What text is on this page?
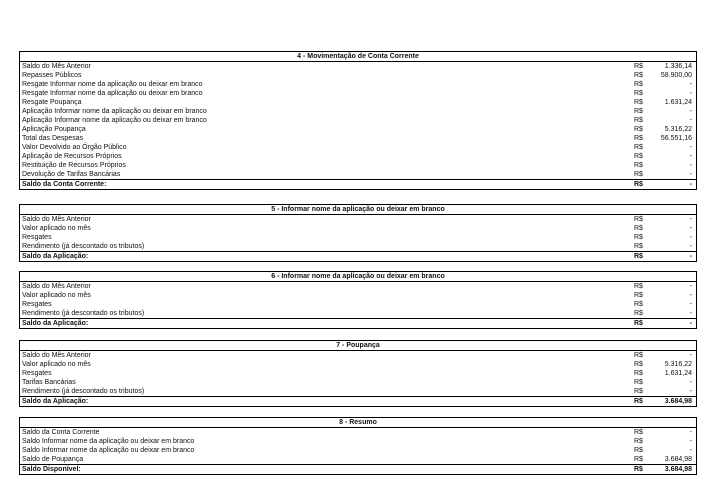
4 - Movimentação de Conta Corrente
Saldo do Mês Anterior	R$	1.336,14
Repasses Públicos	R$	58.900,00
Resgate Informar nome da aplicação ou deixar em branco	R$	-
Resgate Informar nome da aplicação ou deixar em branco	R$	-
Resgate Poupança	R$	1.631,24
Aplicação Informar nome da aplicação ou deixar em branco	R$	-
Aplicação Informar nome da aplicação ou deixar em branco	R$	-
Aplicação Poupança	R$	5.316,22
Total das Despesas	R$	56.551,16
Valor Devolvido ao Órgão Público	R$	-
Aplicação de Recursos Próprios	R$	-
Restituição de Recursos Próprios	R$	-
Devolução de Tarifas Bancárias	R$	-
Saldo da Conta Corrente:	R$	-
5 - Informar nome da aplicação ou deixar em branco
Saldo do Mês Anterior	R$	-
Valor aplicado no mês	R$	-
Resgates	R$	-
Rendimento (já descontado os tributos)	R$	-
Saldo da Aplicação:	R$	-
6 - Informar nome da aplicação ou deixar em branco
Saldo do Mês Anterior	R$	-
Valor aplicado no mês	R$	-
Resgates	R$	-
Rendimento (já descontado os tributos)	R$	-
Saldo da Aplicação:	R$	-
7 - Poupança
Saldo do Mês Anterior	R$	-
Valor aplicado no mês	R$	5.316,22
Resgates	R$	1.631,24
Tarifas Bancárias	R$	-
Rendimento (já descontado os tributos)	R$	-
Saldo da Aplicação:	R$	3.684,98
8 - Resumo
Saldo da Conta Corrente	R$	-
Saldo Informar nome da aplicação ou deixar em branco	R$	-
Saldo Informar nome da aplicação ou deixar em branco	R$	-
Saldo de Poupança	R$	3.684,98
Saldo Disponível:	R$	3.684,98
